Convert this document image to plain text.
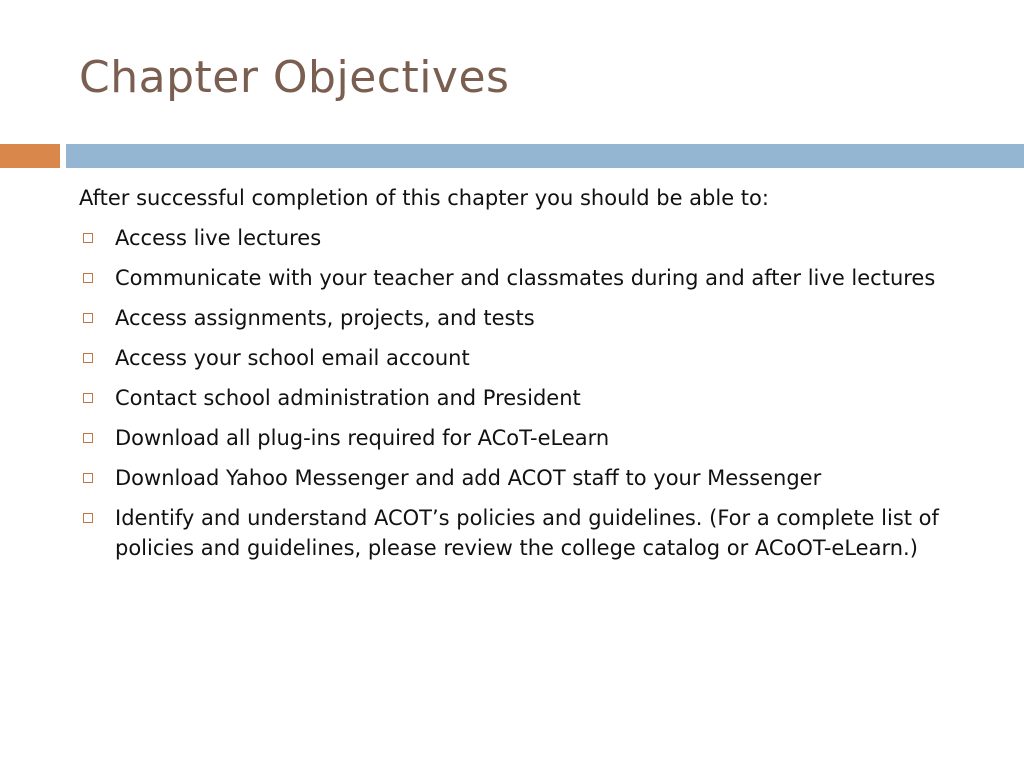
Chapter Objectives

After successful completion of this chapter you should be able to:

Access live lectures
Communicate with your teacher and classmates during and after live lectures
Access assignments, projects, and tests
Access your school email account
Contact school administration and President
Download all plug-ins required for ACoT-eLearn
Download Yahoo Messenger and add ACOT staff to your Messenger
Identify and understand ACOT’s policies and guidelines. (For a complete list of policies and guidelines, please review the college catalog or ACoOT-eLearn.)
